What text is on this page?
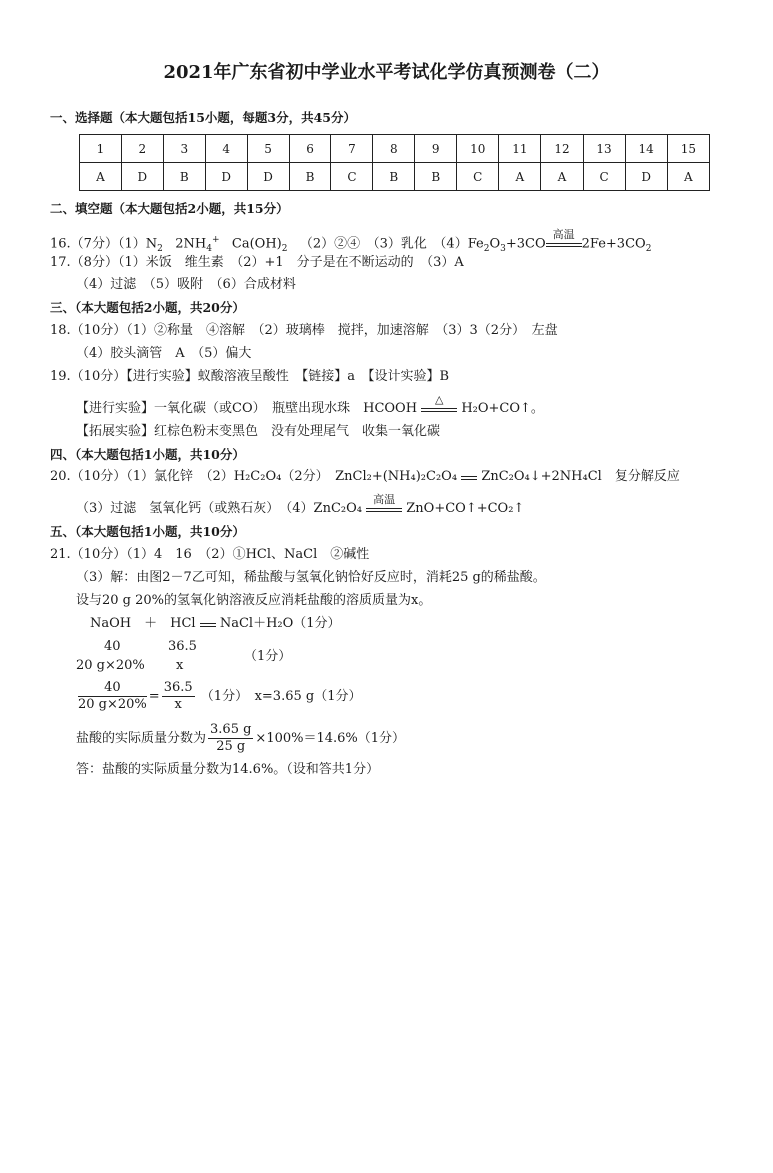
2021年广东省初中学业水平考试化学仿真预测卷（二）
一、选择题（本大题包括15小题，每题3分，共45分）
1	2	3	4	5	6	7	8	9	10	11	12	13	14	15
A	D	B	D	D	B	C	B	B	C	A	A	C	D	A
二、填空题（本大题包括2小题，共15分）
16.（7分）$(1)N_2$ $2NH_4^+$ $Ca(OH)_2$ （2）②④　（3）乳化　$(4)Fe_2O_3+3CO$
高温
$2Fe+3CO_2$
17.（8分）（1）米饭　维生素　（2）+1　分子是在不断运动的　（3）A
（4）过滤　（5）吸附　（6）合成材料
三、（本大题包括2小题，共20分）
18.（10分）（1）②称量　④溶解　（2）玻璃棒　搅拌，加速溶解　（3）3（2分）　左盘
（4）胶头滴管　A　（5）偏大
19.（10分）【进行实验】蚁酸溶液呈酸性　【链接】a　【设计实验】B
【进行实验】一氧化碳（或CO）　瓶壁出现水珠　HCOOH
△
H₂O+CO↑。
【拓展实验】红棕色粉末变黑色　没有处理尾气　收集一氧化碳
四、（本大题包括1小题，共10分）
20.（10分）（1）氯化锌　（2）H₂C₂O₄（2分）　ZnCl₂+(NH₄)₂C₂O₄ ZnC₂O₄↓+2NH₄Cl　复分解反应
（3）过滤　氢氧化钙（或熟石灰）　（4）ZnC₂O₄
高温
ZnO+CO↑+CO₂↑
五、（本大题包括1小题，共10分）
21.（10分）（1）4　16　（2）①HCl、NaCl　②碱性
（3）解：由图2－7乙可知，稀盐酸与氢氧化钠恰好反应时，消耗25 g的稀盐酸。
设与20 g 20%的氢氧化钠溶液反应消耗盐酸的溶质质量为x。
NaOH　＋　HCl NaCl＋H₂O（1分）
40	36.5
20 g×20% x
（1分）
$\frac{40}{20 g\times 20\%} = \frac{36.5}{x} (1$分）　x=3.65 g（1分）
盐酸的实际质量分数为 $\frac{3.65 g}{25 g} \times 100\%=14.6\%(1$分）
答：盐酸的实际质量分数为14.6%。（设和答共1分）
